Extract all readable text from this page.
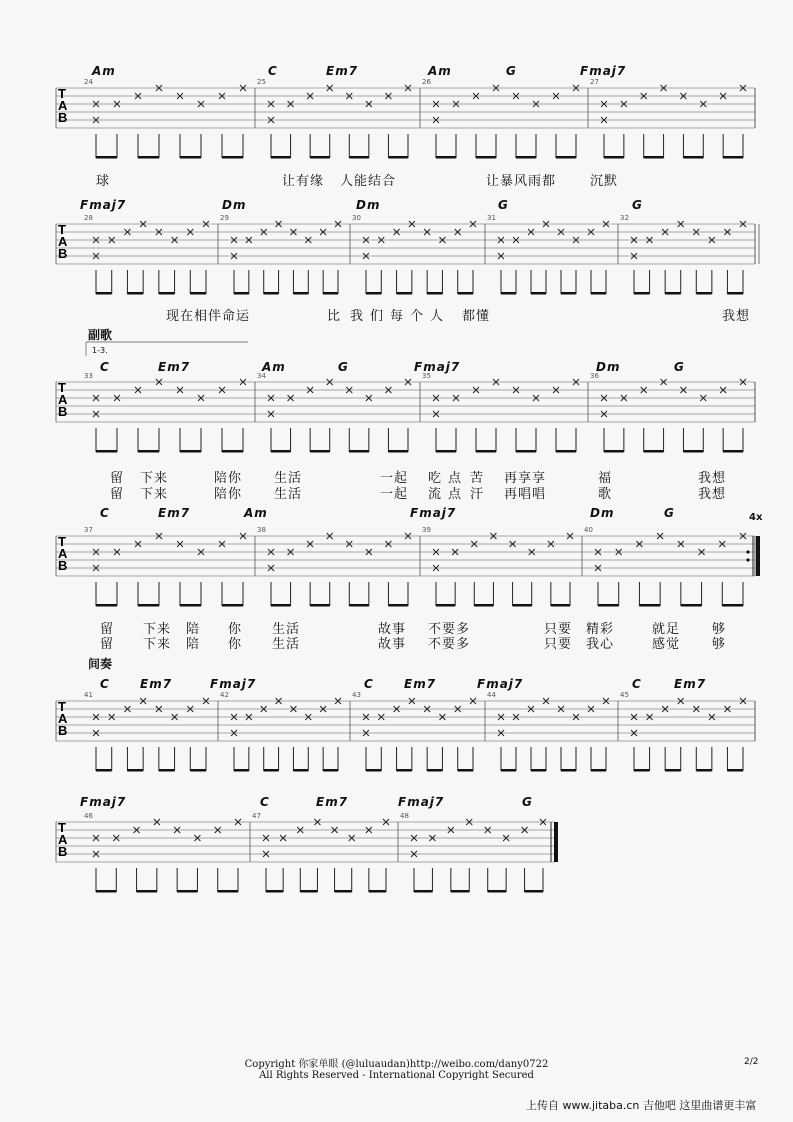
T
A
B
24	25	26	27
Am	C	Em7	Am	G	Fmaj7
球	让有缘 人能结合	让 暴风雨都	沉默
T
A
B
28	29	30	31	32
Fmaj7	Dm	Dm	G	G
现在相伴 命运	比 我 们 每 个 人 都懂	我想
T
A
B
33	34	35	36
C	Em7	Am	G	Fmaj7	Dm	G
副歌
1-3.
留 下来	陪你 生活	一起 吃 点 苦 再享享	福	我想
留 下来	陪你 生活	一起 流 点 汗 再唱唱	歌	我想
T
A
B
37	38	39	40
C	Em7	Am	Fmaj7	Dm	G	4x
留 下来 陪 你 生活	故事 不要多	只要 精彩	就足 够
留 下来 陪 你 生活	故事 不要多	只要 我心	感觉 够
T
A
B
41	42	43	44	45
C	Em7	Fmaj7	C	Em7	Fmaj7	C	Em7
间奏
T
A
B
46	47	48
Fmaj7	C	Em7	Fmaj7	G
Copyright 你家单眼 (@luluaudan)http://weibo.com/dany0722
All Rights Reserved - International Copyright Secured
2/2
上传自 www.jitaba.cn 吉他吧 这里曲谱更丰富
